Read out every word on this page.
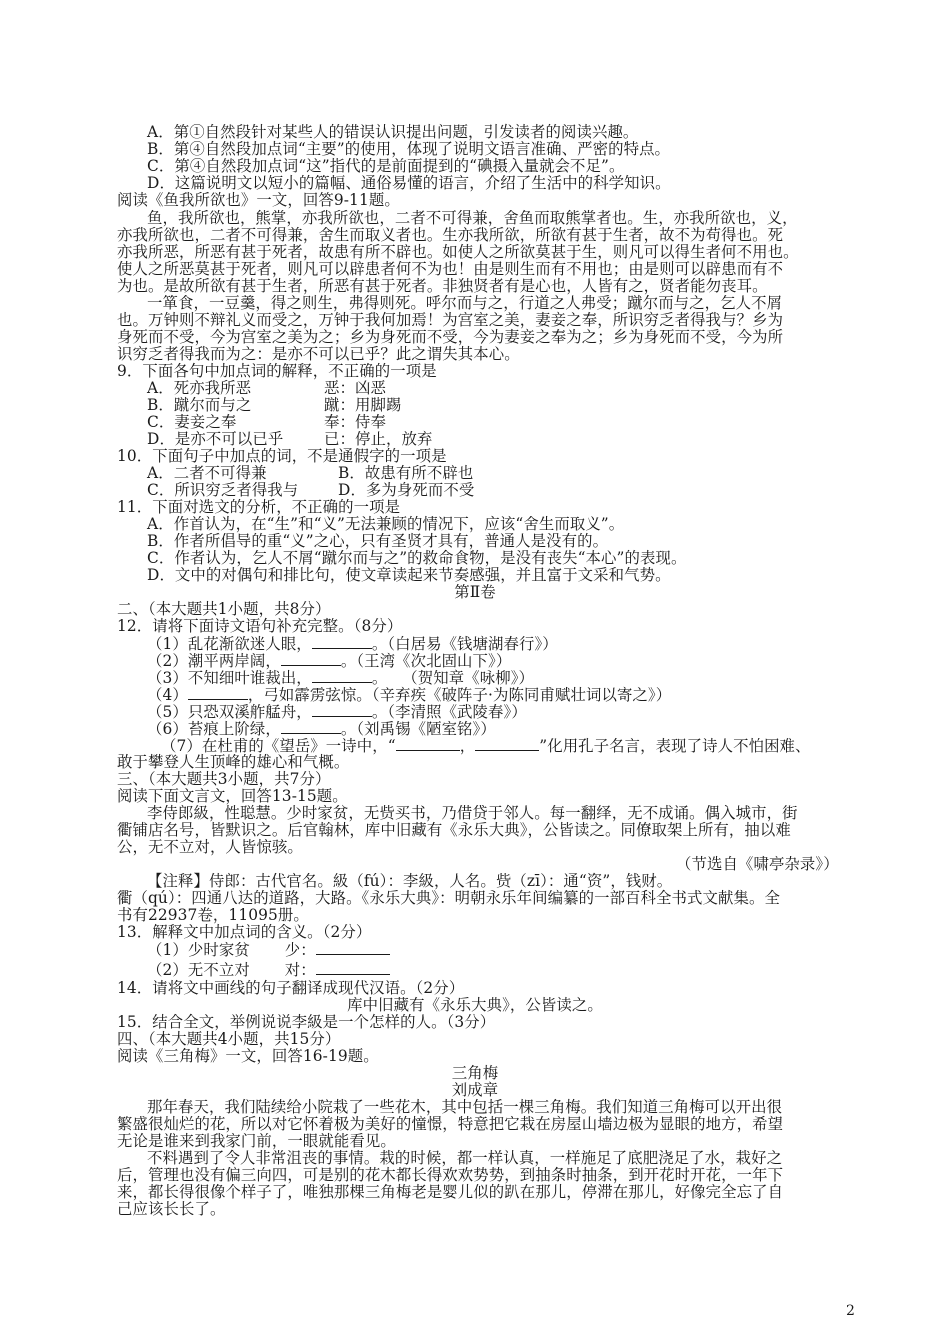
A．第①自然段针对某些人的错误认识提出问题，引发读者的阅读兴趣。
B．第④自然段加点词“主要”的使用，体现了说明文语言准确、严密的特点。
C．第④自然段加点词“这”指代的是前面提到的“碘摄入量就会不足”。
D．这篇说明文以短小的篇幅、通俗易懂的语言，介绍了生活中的科学知识。
阅读《鱼我所欲也》一文，回答9-11题。
鱼，我所欲也，熊掌，亦我所欲也，二者不可得兼，舍鱼而取熊掌者也。生，亦我所欲也，义，
亦我所欲也，二者不可得兼，舍生而取义者也。生亦我所欲，所欲有甚于生者，故不为苟得也。死
亦我所恶，所恶有甚于死者，故患有所不辟也。如使人之所欲莫甚于生，则凡可以得生者何不用也。
使人之所恶莫甚于死者，则凡可以辟患者何不为也！由是则生而有不用也；由是则可以辟患而有不
为也。是故所欲有甚于生者，所恶有甚于死者。非独贤者有是心也，人皆有之，贤者能勿丧耳。
一箪食，一豆羹，得之则生，弗得则死。呼尔而与之，行道之人弗受；蹴尔而与之，乞人不屑
也。万钟则不辩礼义而受之，万钟于我何加焉！为宫室之美，妻妾之奉，所识穷乏者得我与？乡为
身死而不受，今为宫室之美为之；乡为身死而不受，今为妻妾之奉为之；乡为身死而不受，今为所
识穷乏者得我而为之：是亦不可以已乎？此之谓失其本心。
9．下面各句中加点词的解释，不正确的一项是
A．死亦我所恶	恶：凶恶
B．蹴尔而与之	蹴：用脚踢
C．妻妾之奉	奉：侍奉
D．是亦不可以已乎	已：停止，放弃
10．下面句子中加点的词，不是通假字的一项是
A．二者不可得兼	B．故患有所不辟也
C．所识穷乏者得我与	D．多为身死而不受
11．下面对选文的分析，不正确的一项是
A．作首认为，在“生”和“义”无法兼顾的情况下，应该“舍生而取义”。
B．作者所倡导的重“义”之心，只有圣贤才具有，普通人是没有的。
C．作者认为，乞人不屑“蹴尔而与之”的救命食物，是没有丧失“本心”的表现。
D．文中的对偶句和排比句，使文章读起来节奏感强，并且富于文采和气势。
第Ⅱ卷
二、（本大题共1小题，共8分）
12．请将下面诗文语句补充完整。（8分）
（1）乱花渐欲迷人眼，	。（白居易《钱塘湖春行》）
（2）潮平两岸阔，	。（王湾《次北固山下》）
（3）不知细叶谁裁出，	。   （贺知章《咏柳》）
（4）	，弓如霹雳弦惊。（辛弃疾《破阵子·为陈同甫赋壮词以寄之》）
（5）只恐双溪舴艋舟，	。（李清照《武陵春》）
（6）苔痕上阶绿，	。（刘禹锡《陋室铭》）
（7）在杜甫的《望岳》一诗中，“	，	”化用孔子名言，表现了诗人不怕困难、
敢于攀登人生顶峰的雄心和气概。
三、（本大题共3小题，共7分）
阅读下面文言文，回答13-15题。
李侍郎級，性聪慧。少时家贫，无赀买书，乃借贷于邻人。每一翻绎，无不成诵。偶入城市，街
衢铺店名号，皆默识之。后官翰林，库中旧藏有《永乐大典》，公皆读之。同僚取架上所有，抽以难
公，无不立对，人皆惊骇。
（节选自《啸亭杂录》）
【注释】侍郎：古代官名。級（fú）：李級，人名。赀（zī）：通“资”，钱财。
衢（qú）：四通八达的道路，大路。《永乐大典》：明朝永乐年间编纂的一部百科全书式文献集。全
书有22937卷，11095册。
13．解释文中加点词的含义。（2分）
（1）少时家贫       少：
（2）无不立对       对：
14．请将文中画线的句子翻译成现代汉语。（2分）
库中旧藏有《永乐大典》，公皆读之。
15．结合全文，举例说说李級是一个怎样的人。（3分）
四、（本大题共4小题，共15分）
阅读《三角梅》一文，回答16-19题。
三角梅
刘成章
那年春天，我们陆续给小院栽了一些花木，其中包括一棵三角梅。我们知道三角梅可以开出很
繁盛很灿烂的花，所以对它怀着极为美好的憧憬，特意把它栽在房屋山墙边极为显眼的地方，希望
无论是谁来到我家门前，一眼就能看见。
不料遇到了令人非常沮丧的事情。栽的时候，都一样认真，一样施足了底肥浇足了水，栽好之
后，管理也没有偏三向四，可是别的花木都长得欢欢势势，到抽条时抽条，到开花时开花，一年下
来，都长得很像个样子了，唯独那棵三角梅老是婴儿似的趴在那儿，停滞在那儿，好像完全忘了自
己应该长长了。
2
